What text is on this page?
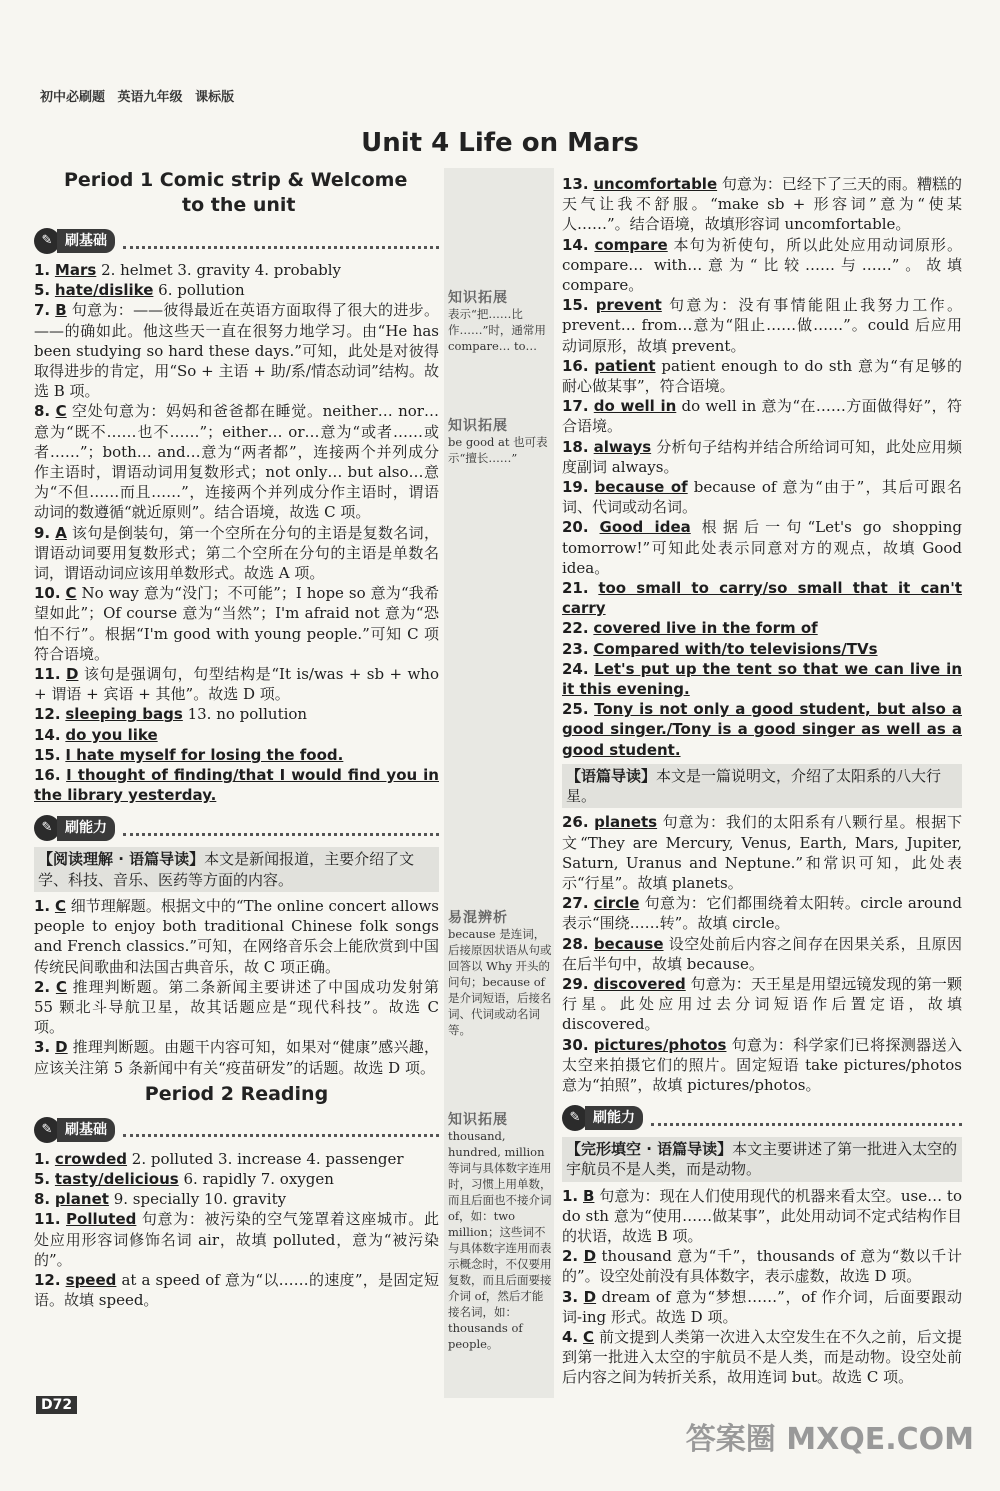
初中必刷题 英语九年级 课标版
Unit 4 Life on Mars
Period 1 Comic strip & Welcome
to the unit
✎ 刷基础

1. Mars 2. helmet 3. gravity 4. probably

5. hate/dislike 6. pollution

7. B 句意为：——彼得最近在英语方面取得了很大的进步。——的确如此。他这些天一直在很努力地学习。由“He has been studying so hard these days.”可知，此处是对彼得取得进步的肯定，用“So + 主语 + 助/系/情态动词”结构。故选 B 项。

8. C 空处句意为：妈妈和爸爸都在睡觉。neither… nor…意为“既不……也不……”；either… or…意为“或者……或者……”；both… and…意为“两者都”，连接两个并列成分作主语时，谓语动词用复数形式；not only… but also…意为“不但……而且……”，连接两个并列成分作主语时，谓语动词的数遵循“就近原则”。结合语境，故选 C 项。

9. A 该句是倒装句，第一个空所在分句的主语是复数名词，谓语动词要用复数形式；第二个空所在分句的主语是单数名词，谓语动词应该用单数形式。故选 A 项。

10. C No way 意为“没门；不可能”；I hope so 意为“我希望如此”；Of course 意为“当然”；I'm afraid not 意为“恐怕不行”。根据“I'm good with young people.”可知 C 项符合语境。

11. D 该句是强调句，句型结构是“It is/was + sb + who + 谓语 + 宾语 + 其他”。故选 D 项。

12. sleeping bags 13. no pollution

14. do you like

15. I hate myself for losing the food.

16. I thought of finding/that I would find you in the library yesterday.

✎ 刷能力
【阅读理解 · 语篇导读】本文是新闻报道，主要介绍了文学、科技、音乐、医药等方面的内容。

1. C 细节理解题。根据文中的“The online concert allows people to enjoy both traditional Chinese folk songs and French classics.”可知，在网络音乐会上能欣赏到中国传统民间歌曲和法国古典音乐，故 C 项正确。

2. C 推理判断题。第二条新闻主要讲述了中国成功发射第 55 颗北斗导航卫星，故其话题应是“现代科技”。故选 C 项。

3. D 推理判断题。由题干内容可知，如果对“健康”感兴趣，应该关注第 5 条新闻中有关“疫苗研发”的话题。故选 D 项。

Period 2 Reading
✎ 刷基础

1. crowded 2. polluted 3. increase 4. passenger

5. tasty/delicious 6. rapidly 7. oxygen

8. planet 9. specially 10. gravity

11. Polluted 句意为：被污染的空气笼罩着这座城市。此处应用形容词修饰名词 air，故填 polluted，意为“被污染的”。

12. speed at a speed of 意为“以……的速度”，是固定短语。故填 speed。

知识拓展
表示“把……比作……”时，通常用 compare… to…
知识拓展
be good at 也可表示“擅长……”
易混辨析
because 是连词，后接原因状语从句或回答以 Why 开头的问句；because of 是介词短语，后接名词、代词或动名词等。
知识拓展
thousand, hundred, million 等词与具体数字连用时，习惯上用单数，而且后面也不接介词 of，如：two million；这些词不与具体数字连用而表示概念时，不仅要用复数，而且后面要接介词 of，然后才能接名词，如：thousands of people。

13. uncomfortable 句意为：已经下了三天的雨。糟糕的天气让我不舒服。“make sb + 形容词”意为“使某人……”。结合语境，故填形容词 uncomfortable。

14. compare 本句为祈使句，所以此处应用动词原形。compare… with…意为“比较……与……”。故填 compare。

15. prevent 句意为：没有事情能阻止我努力工作。prevent… from…意为“阻止……做……”。could 后应用动词原形，故填 prevent。

16. patient patient enough to do sth 意为“有足够的耐心做某事”，符合语境。

17. do well in do well in 意为“在……方面做得好”，符合语境。

18. always 分析句子结构并结合所给词可知，此处应用频度副词 always。

19. because of because of 意为“由于”，其后可跟名词、代词或动名词。

20. Good idea 根据后一句“Let's go shopping tomorrow!”可知此处表示同意对方的观点，故填 Good idea。

21. too small to carry/so small that it can't carry

22. covered live in the form of

23. Compared with/to televisions/TVs

24. Let's put up the tent so that we can live in it this evening.

25. Tony is not only a good student, but also a good singer./Tony is a good singer as well as a good student.

【语篇导读】本文是一篇说明文，介绍了太阳系的八大行星。

26. planets 句意为：我们的太阳系有八颗行星。根据下文“They are Mercury, Venus, Earth, Mars, Jupiter, Saturn, Uranus and Neptune.”和常识可知，此处表示“行星”。故填 planets。

27. circle 句意为：它们都围绕着太阳转。circle around 表示“围绕……转”。故填 circle。

28. because 设空处前后内容之间存在因果关系，且原因在后半句中，故填 because。

29. discovered 句意为：天王星是用望远镜发现的第一颗行星。此处应用过去分词短语作后置定语，故填 discovered。

30. pictures/photos 句意为：科学家们已将探测器送入太空来拍摄它们的照片。固定短语 take pictures/photos 意为“拍照”，故填 pictures/photos。

✎ 刷能力
【完形填空 · 语篇导读】本文主要讲述了第一批进入太空的宇航员不是人类，而是动物。

1. B 句意为：现在人们使用现代的机器来看太空。use… to do sth 意为“使用……做某事”，此处用动词不定式结构作目的状语，故选 B 项。

2. D thousand 意为“千”，thousands of 意为“数以千计的”。设空处前没有具体数字，表示虚数，故选 D 项。

3. D dream of 意为“梦想……”，of 作介词，后面要跟动词-ing 形式。故选 D 项。

4. C 前文提到人类第一次进入太空发生在不久之前，后文提到第一批进入太空的宇航员不是人类，而是动物。设空处前后内容之间为转折关系，故用连词 but。故选 C 项。

D72
答案圈 MXQE.COM
